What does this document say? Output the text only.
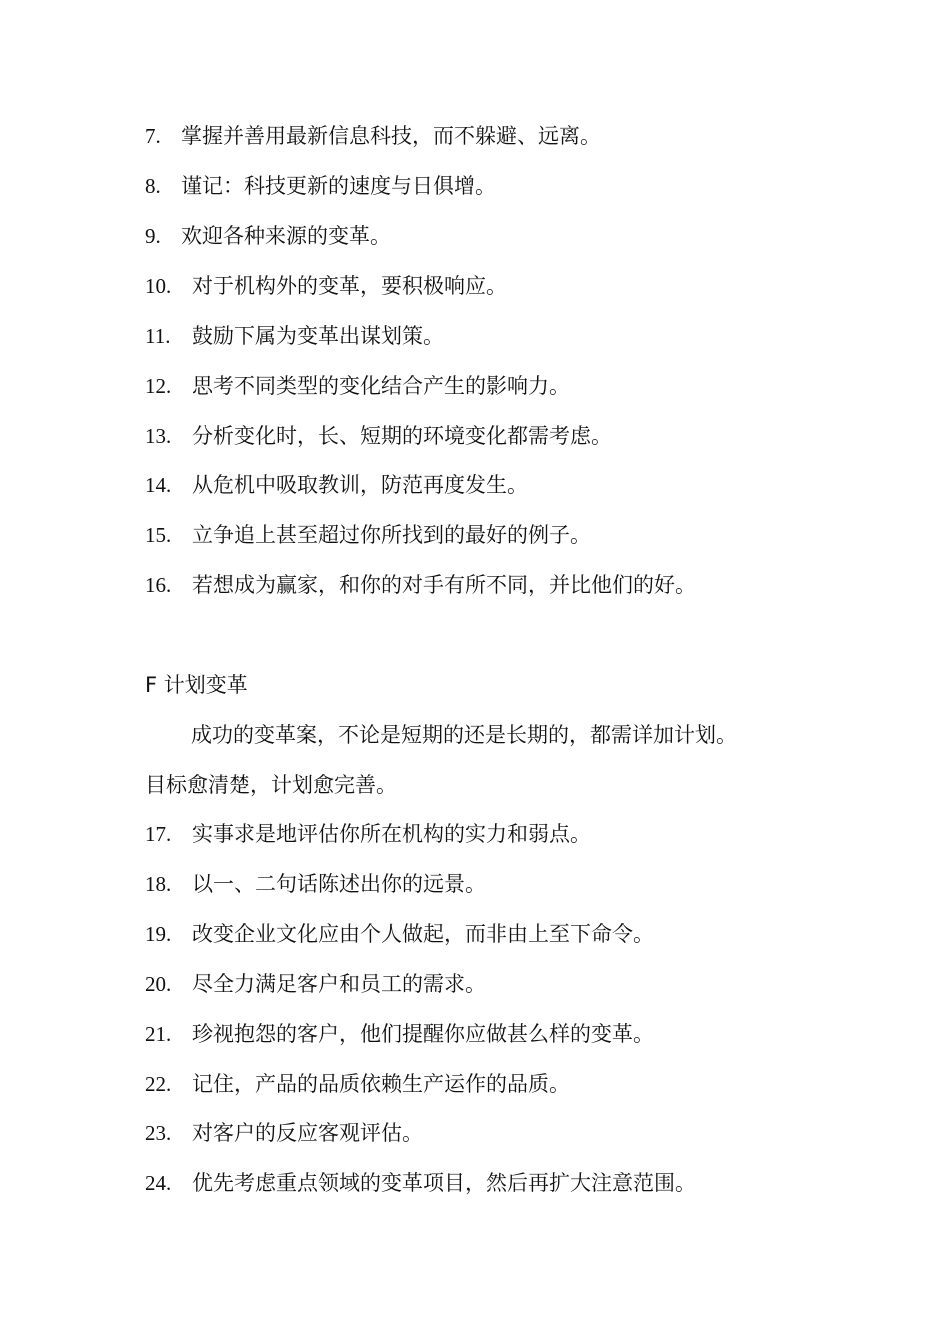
7. 掌握并善用最新信息科技，而不躲避、远离。
8. 谨记：科技更新的速度与日俱增。
9. 欢迎各种来源的变革。
10. 对于机构外的变革，要积极响应。
11. 鼓励下属为变革出谋划策。
12. 思考不同类型的变化结合产生的影响力。
13. 分析变化时，长、短期的环境变化都需考虑。
14. 从危机中吸取教训，防范再度发生。
15. 立争追上甚至超过你所找到的最好的例子。
16. 若想成为赢家，和你的对手有所不同，并比他们的好。
F 计划变革
成功的变革案，不论是短期的还是长期的，都需详加计划。
目标愈清楚，计划愈完善。
17. 实事求是地评估你所在机构的实力和弱点。
18. 以一、二句话陈述出你的远景。
19. 改变企业文化应由个人做起，而非由上至下命令。
20. 尽全力满足客户和员工的需求。
21. 珍视抱怨的客户，他们提醒你应做甚么样的变革。
22. 记住，产品的品质依赖生产运作的品质。
23. 对客户的反应客观评估。
24. 优先考虑重点领域的变革项目，然后再扩大注意范围。
